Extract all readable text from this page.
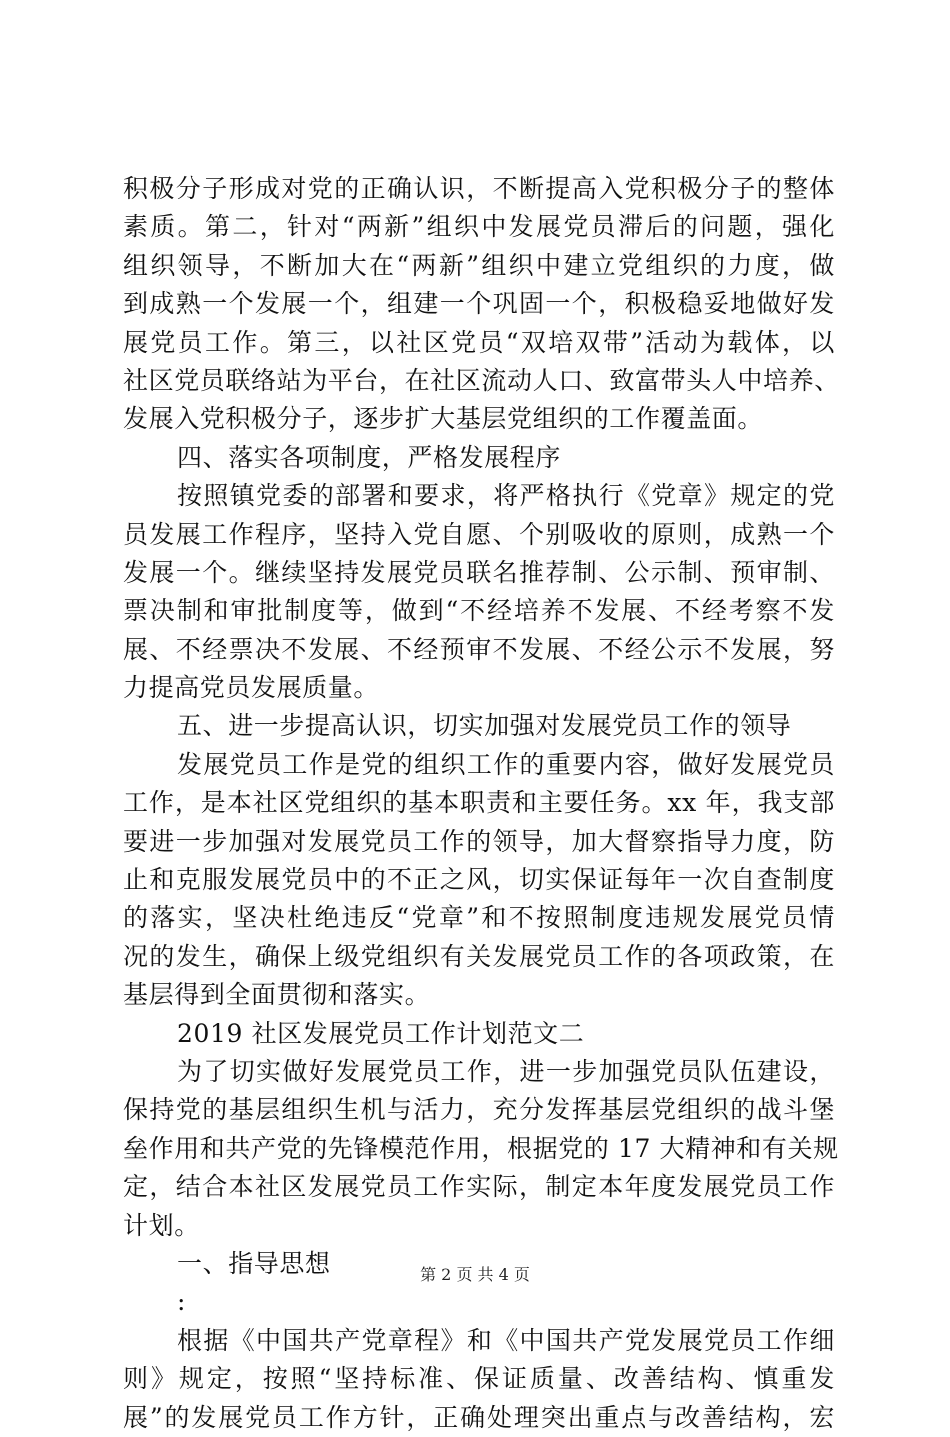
积极分子形成对党的正确认识，不断提高入党积极分子的整体
素质。第二，针对“两新”组织中发展党员滞后的问题，强化
组织领导，不断加大在“两新”组织中建立党组织的力度，做
到成熟一个发展一个，组建一个巩固一个，积极稳妥地做好发
展党员工作。第三，以社区党员“双培双带”活动为载体，以
社区党员联络站为平台，在社区流动人口、致富带头人中培养、
发展入党积极分子，逐步扩大基层党组织的工作覆盖面。
四、落实各项制度，严格发展程序
按照镇党委的部署和要求，将严格执行《党章》规定的党
员发展工作程序，坚持入党自愿、个别吸收的原则，成熟一个
发展一个。继续坚持发展党员联名推荐制、公示制、预审制、
票决制和审批制度等，做到“不经培养不发展、不经考察不发
展、不经票决不发展、不经预审不发展、不经公示不发展，努
力提高党员发展质量。
五、进一步提高认识，切实加强对发展党员工作的领导
发展党员工作是党的组织工作的重要内容，做好发展党员
工作，是本社区党组织的基本职责和主要任务。xx 年，我支部
要进一步加强对发展党员工作的领导，加大督察指导力度，防
止和克服发展党员中的不正之风，切实保证每年一次自查制度
的落实，坚决杜绝违反“党章”和不按照制度违规发展党员情
况的发生，确保上级党组织有关发展党员工作的各项政策，在
基层得到全面贯彻和落实。
2019 社区发展党员工作计划范文二
为了切实做好发展党员工作，进一步加强党员队伍建设，
保持党的基层组织生机与活力，充分发挥基层党组织的战斗堡
垒作用和共产党的先锋模范作用，根据党的 17 大精神和有关规
定，结合本社区发展党员工作实际，制定本年度发展党员工作
计划。
一、指导思想
:
根据《中国共产党章程》和《中国共产党发展党员工作细
则》规定，按照“坚持标准、保证质量、改善结构、慎重发
展”的发展党员工作方针，正确处理突出重点与改善结构，宏
第 2 页 共 4 页
